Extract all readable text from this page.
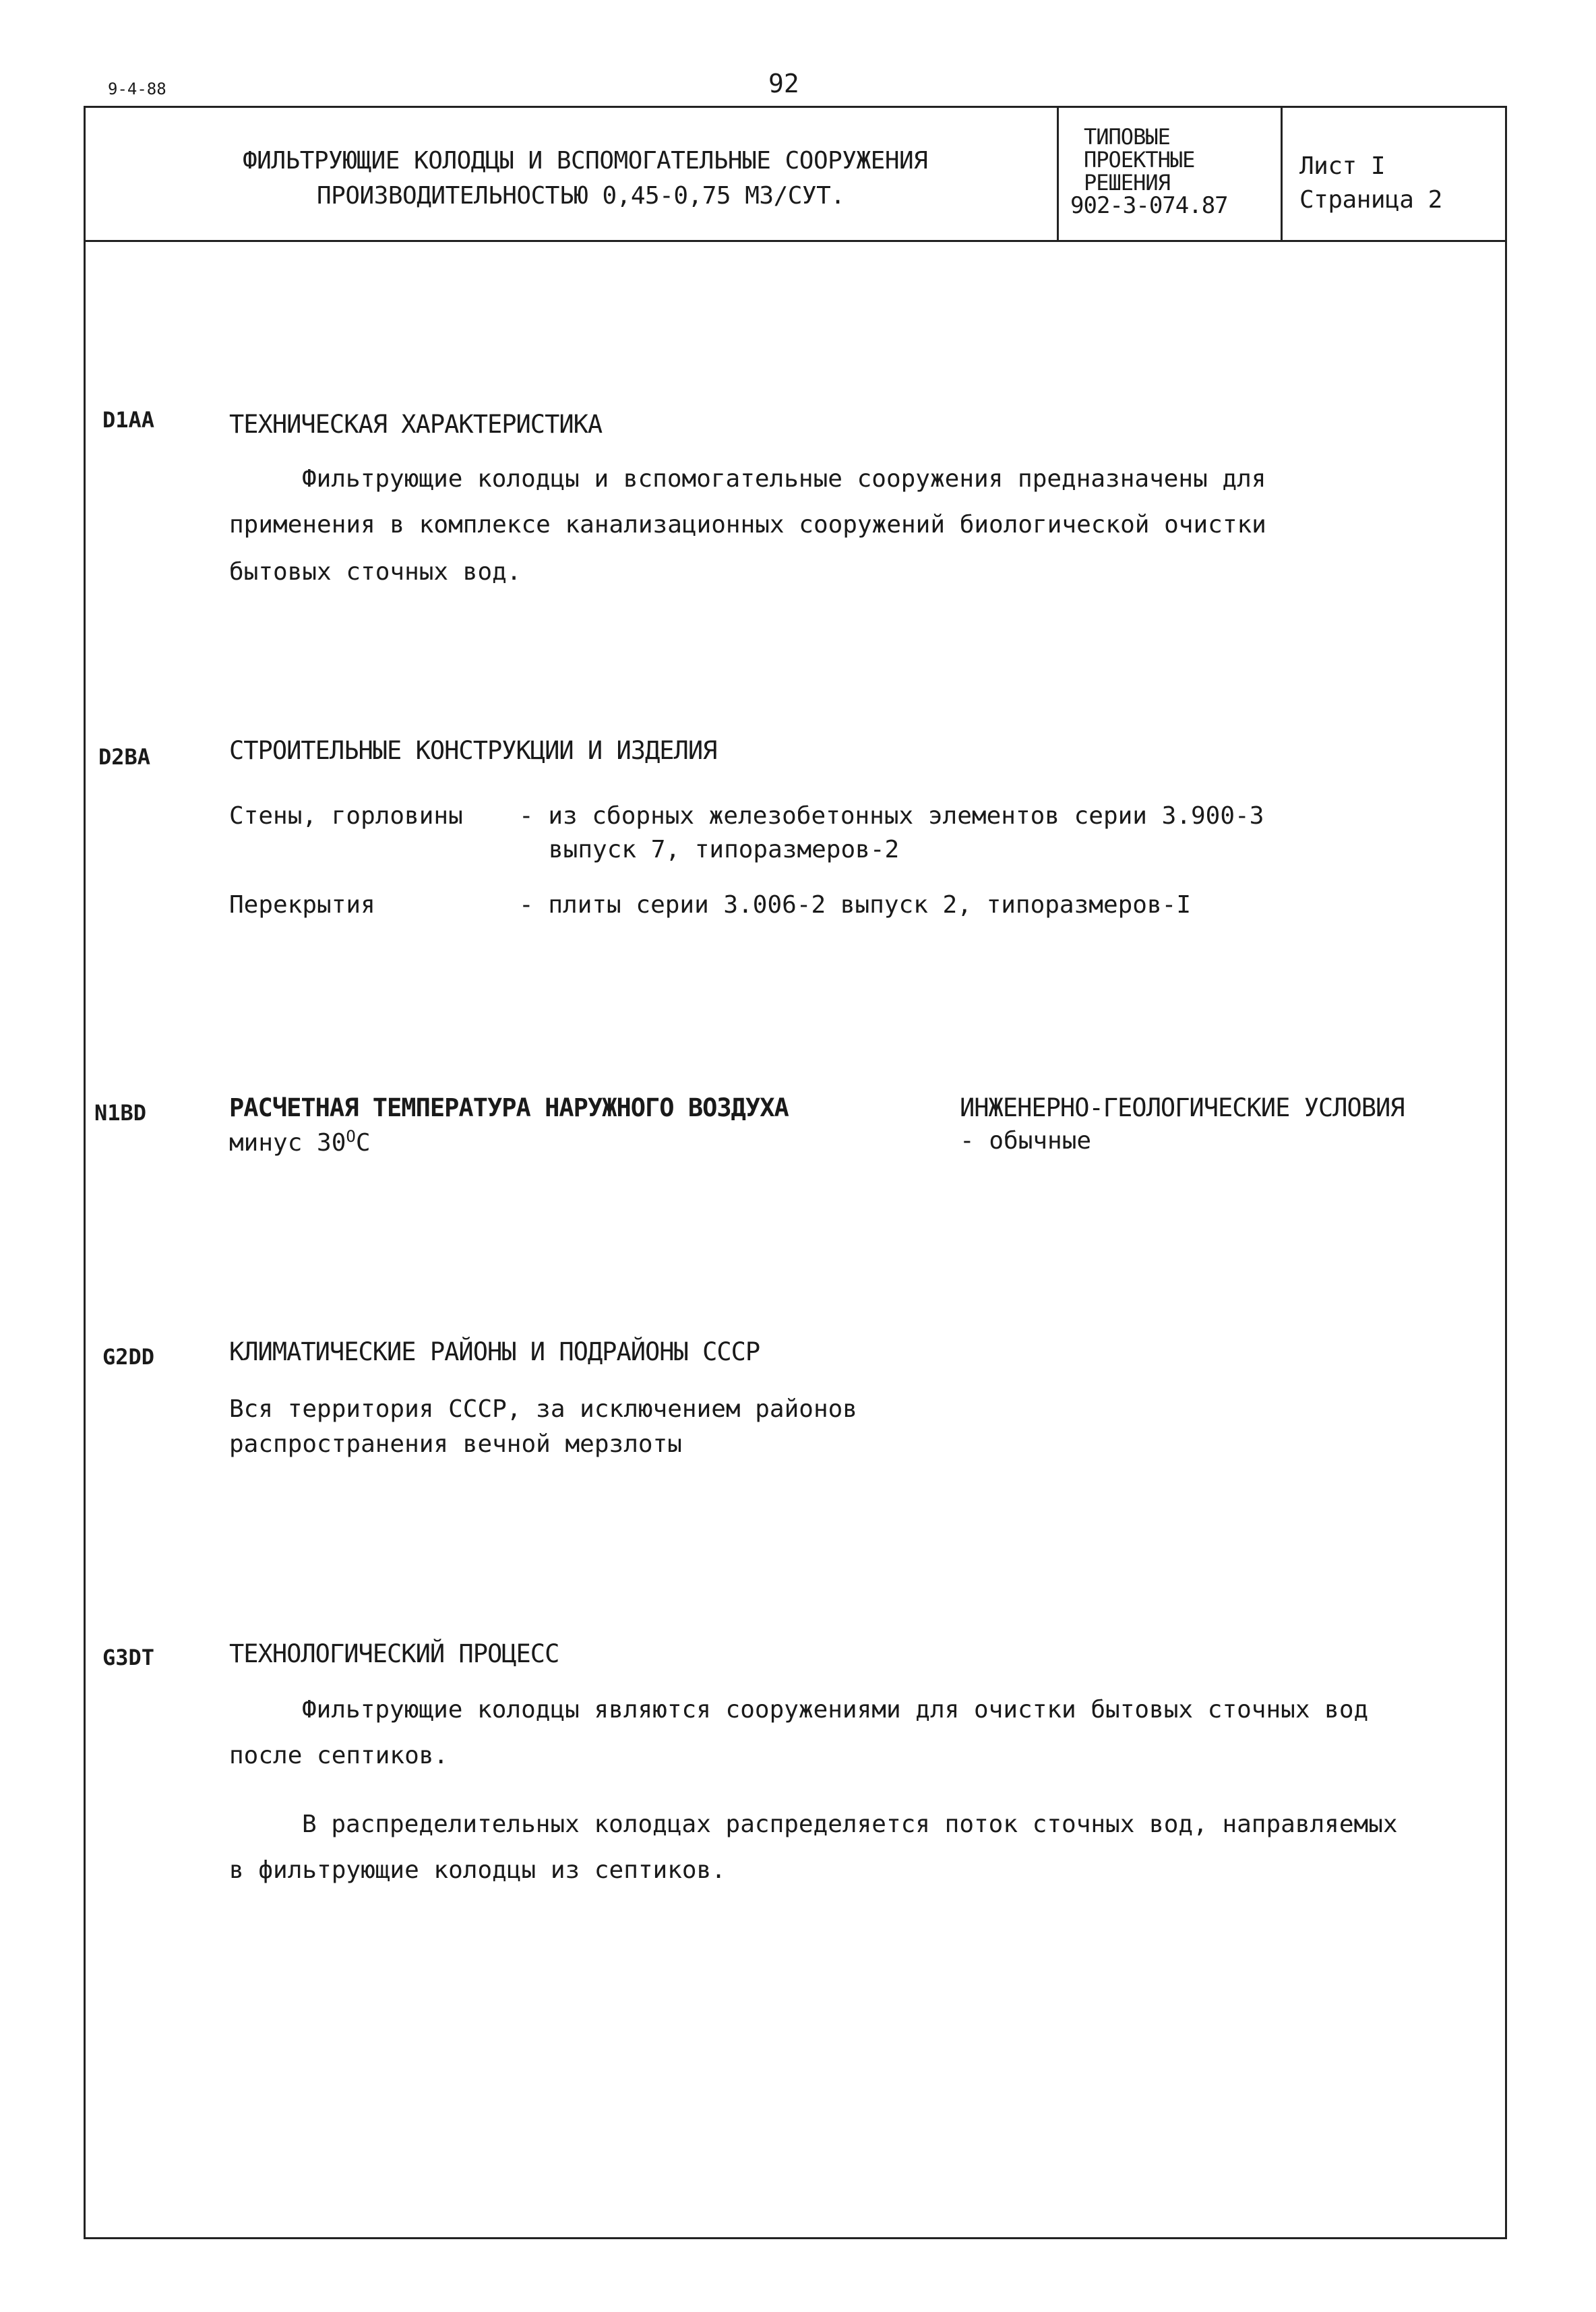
9-4-88	92
ФИЛЬТРУЮЩИЕ КОЛОДЦЫ И ВСПОМОГАТЕЛЬНЫЕ СООРУЖЕНИЯ
ПРОИЗВОДИТЕЛЬНОСТЬЮ 0,45-0,75 М3/СУТ.
ТИПОВЫЕ
ПРОЕКТНЫЕ
РЕШЕНИЯ
902-3-074.87
Лист I
Страница 2
D1AA	ТЕХНИЧЕСКАЯ ХАРАКТЕРИСТИКА
Фильтрующие колодцы и вспомогательные сооружения предназначены для
применения в комплексе канализационных сооружений биологической очистки
бытовых сточных вод.
D2BA	СТРОИТЕЛЬНЫЕ КОНСТРУКЦИИ И ИЗДЕЛИЯ
Стены, горловины - из сборных железобетонных элементов серии 3.900-3
выпуск 7, типоразмеров-2
Перекрытия	- плиты серии 3.006-2 выпуск 2, типоразмеров-I
N1BD	РАСЧЕТНАЯ ТЕМПЕРАТУРА НАРУЖНОГО ВОЗДУХА
минус $30^ОС$
ИНЖЕНЕРНО-ГЕОЛОГИЧЕСКИЕ УСЛОВИЯ
- обычные
G2DD	КЛИМАТИЧЕСКИЕ РАЙОНЫ И ПОДРАЙОНЫ СССР
Вся территория СССР, за исключением районов
распространения вечной мерзлоты
G3DT	ТЕХНОЛОГИЧЕСКИЙ ПРОЦЕСС
Фильтрующие колодцы являются сооружениями для очистки бытовых сточных вод
после септиков.
В распределительных колодцах распределяется поток сточных вод, направляемых
в фильтрующие колодцы из септиков.
